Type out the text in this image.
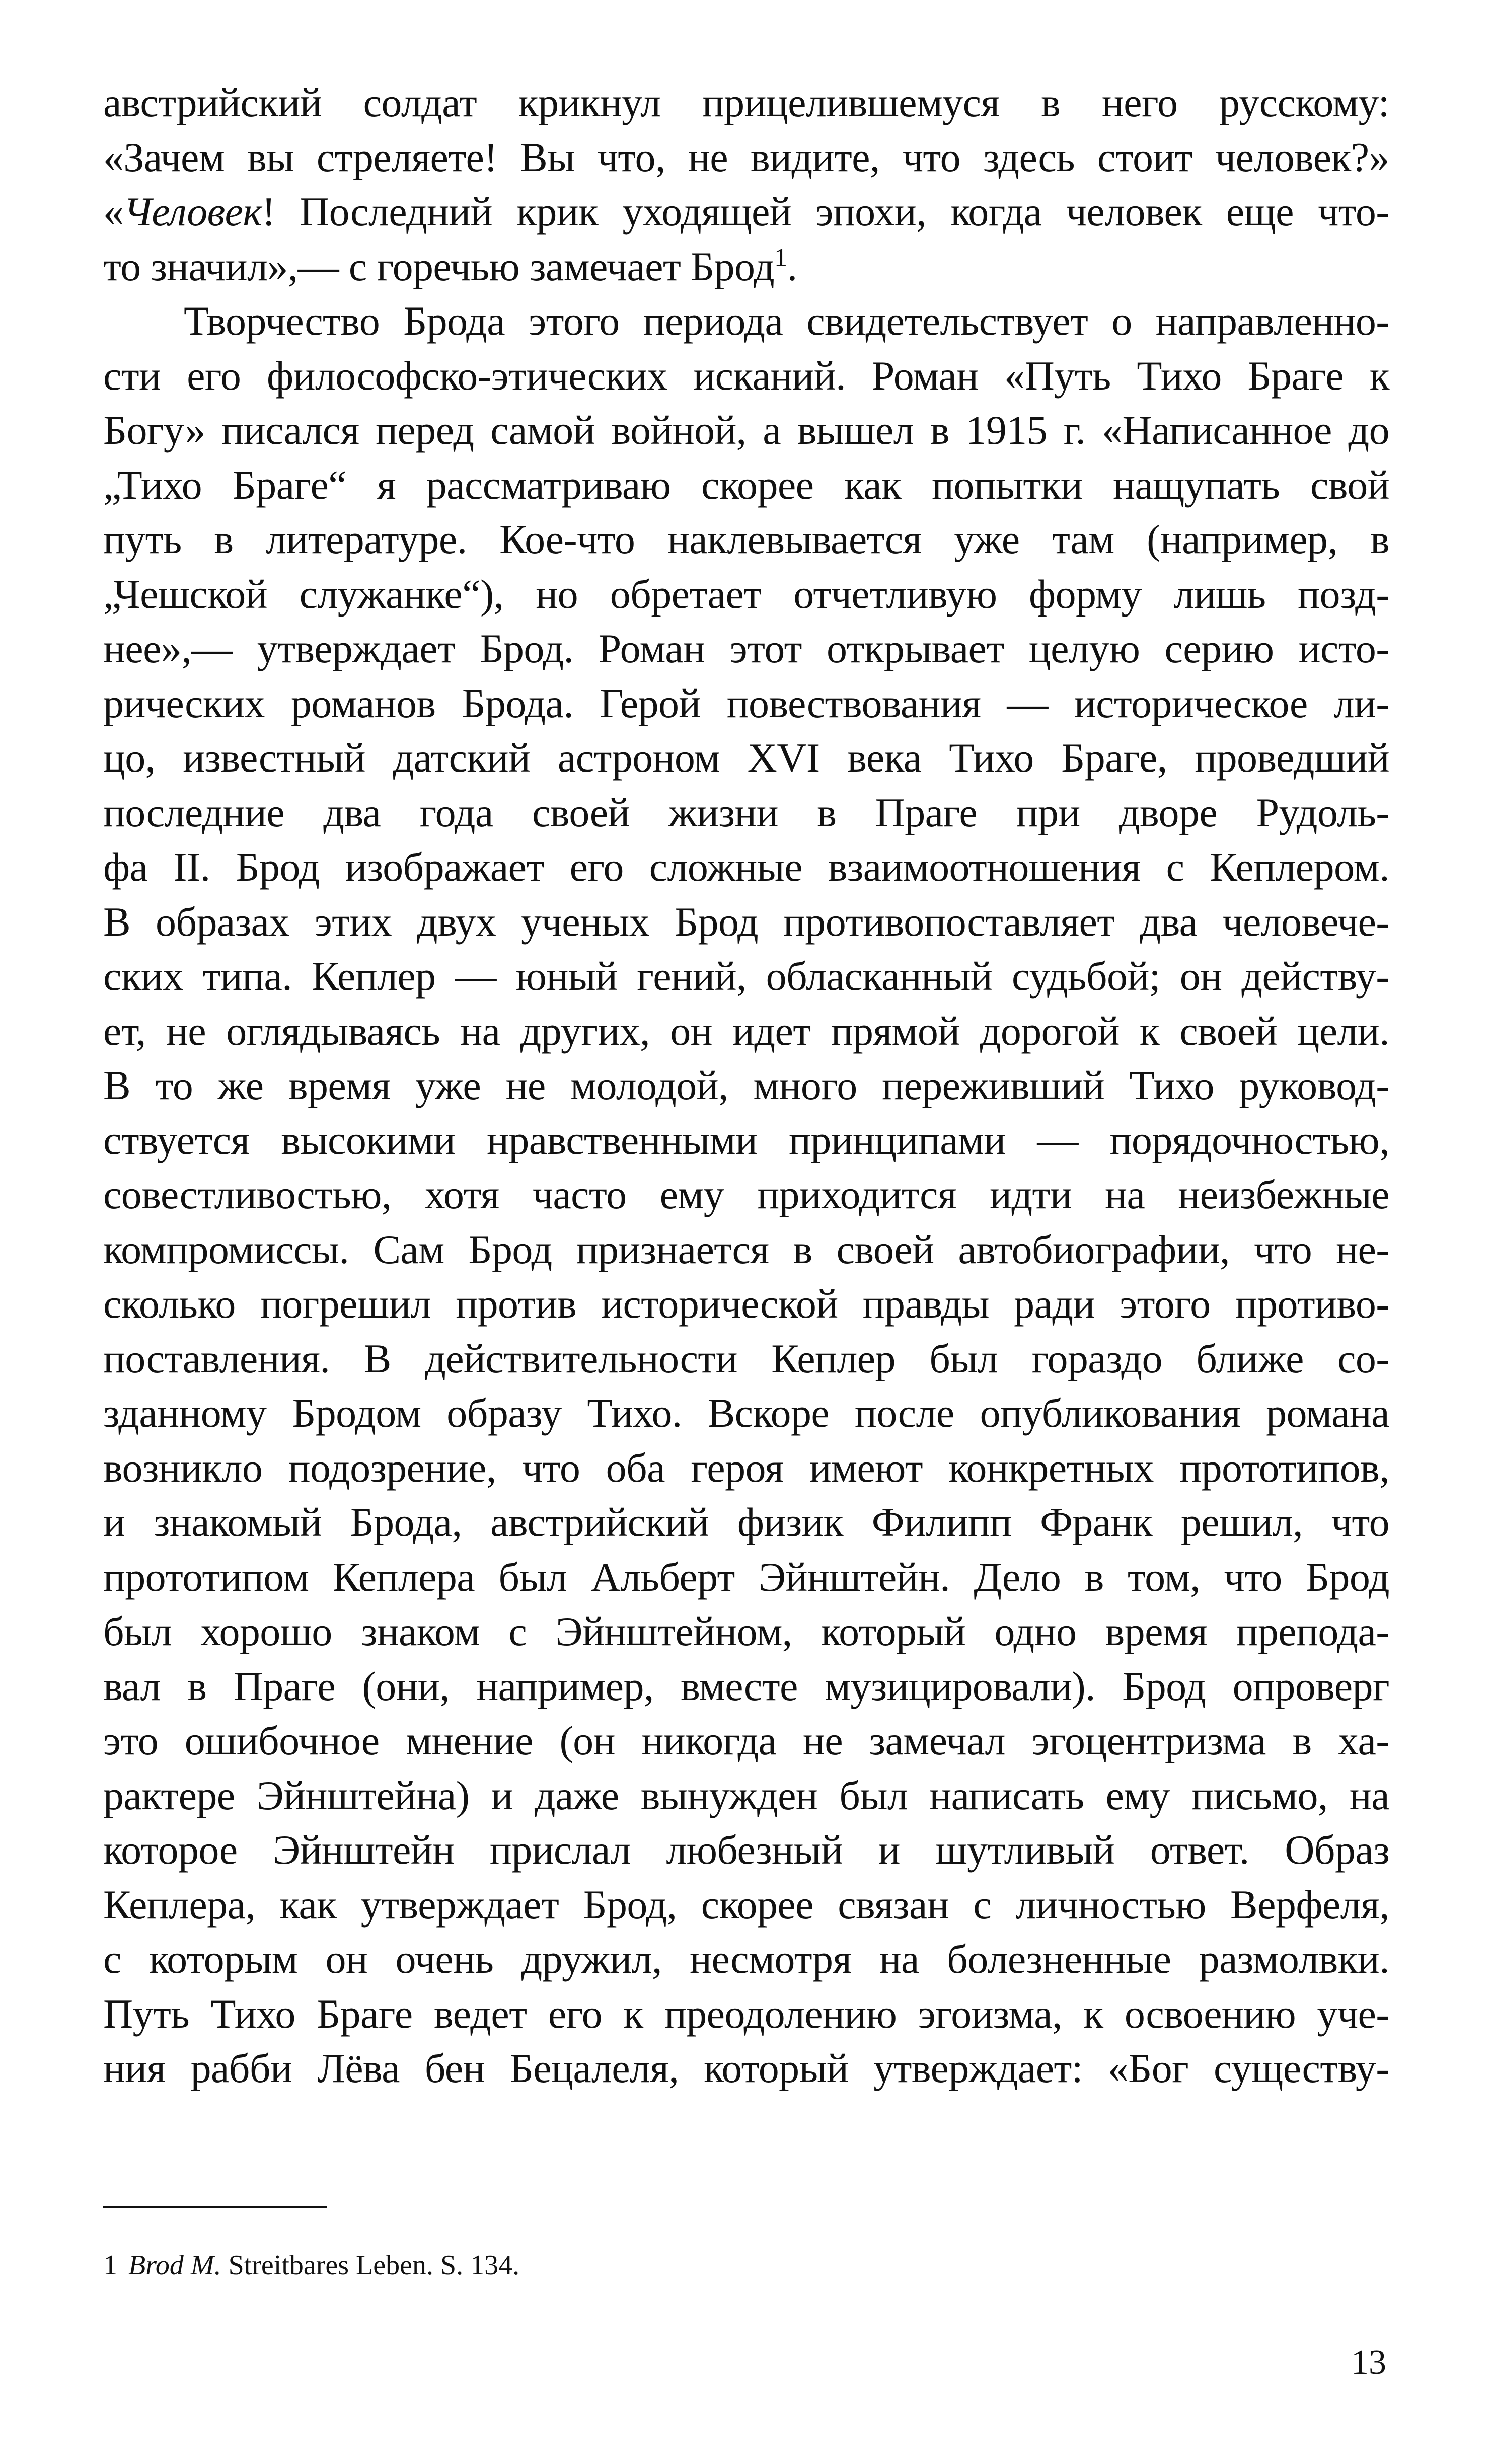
австрийский солдат крикнул прицелившемуся в него русскому:
«Зачем вы стреляете! Вы что, не видите, что здесь стоит человек?»
«Человек! Последний крик уходящей эпохи, когда человек еще что-
то значил»,— с горечью замечает Брод$^1$.
Творчество Брода этого периода свидетельствует о направленно-
сти его философско-этических исканий. Роман «Путь Тихо Браге к
Богу» писался перед самой войной, а вышел в 1915 г. «Написанное до
„Тихо Браге“ я рассматриваю скорее как попытки нащупать свой
путь в литературе. Кое-что наклевывается уже там (например, в
„Чешской служанке“), но обретает отчетливую форму лишь позд-
нее»,— утверждает Брод. Роман этот открывает целую серию исто-
рических романов Брода. Герой повествования — историческое ли-
цо, известный датский астроном XVI века Тихо Браге, проведший
последние два года своей жизни в Праге при дворе Рудоль-
фа II. Брод изображает его сложные взаимоотношения с Кеплером.
В образах этих двух ученых Брод противопоставляет два человече-
ских типа. Кеплер — юный гений, обласканный судьбой; он действу-
ет, не оглядываясь на других, он идет прямой дорогой к своей цели.
В то же время уже не молодой, много переживший Тихо руковод-
ствуется высокими нравственными принципами — порядочностью,
совестливостью, хотя часто ему приходится идти на неизбежные
компромиссы. Сам Брод признается в своей автобиографии, что не-
сколько погрешил против исторической правды ради этого противо-
поставления. В действительности Кеплер был гораздо ближе со-
зданному Бродом образу Тихо. Вскоре после опубликования романа
возникло подозрение, что оба героя имеют конкретных прототипов,
и знакомый Брода, австрийский физик Филипп Франк решил, что
прототипом Кеплера был Альберт Эйнштейн. Дело в том, что Брод
был хорошо знаком с Эйнштейном, который одно время препода-
вал в Праге (они, например, вместе музицировали). Брод опроверг
это ошибочное мнение (он никогда не замечал эгоцентризма в ха-
рактере Эйнштейна) и даже вынужден был написать ему письмо, на
которое Эйнштейн прислал любезный и шутливый ответ. Образ
Кеплера, как утверждает Брод, скорее связан с личностью Верфеля,
с которым он очень дружил, несмотря на болезненные размолвки.
Путь Тихо Браге ведет его к преодолению эгоизма, к освоению уче-
ния рабби Лёва бен Бецалеля, который утверждает: «Бог существу-
1 Brod M. Streitbares Leben. S. 134.
13
